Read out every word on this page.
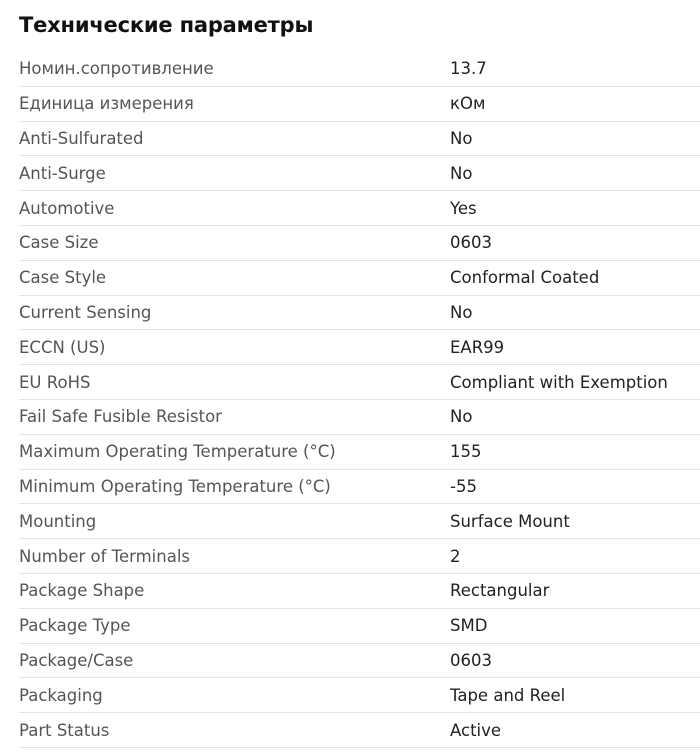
Технические параметры
Номин.сопротивление	13.7
Единица измерения	кОм
Anti-Sulfurated	No
Anti-Surge	No
Automotive	Yes
Case Size	0603
Case Style	Conformal Coated
Current Sensing	No
ECCN (US)	EAR99
EU RoHS	Compliant with Exemption
Fail Safe Fusible Resistor	No
Maximum Operating Temperature (°C)	155
Minimum Operating Temperature (°C)	-55
Mounting	Surface Mount
Number of Terminals	2
Package Shape	Rectangular
Package Type	SMD
Package/Case	0603
Packaging	Tape and Reel
Part Status	Active
